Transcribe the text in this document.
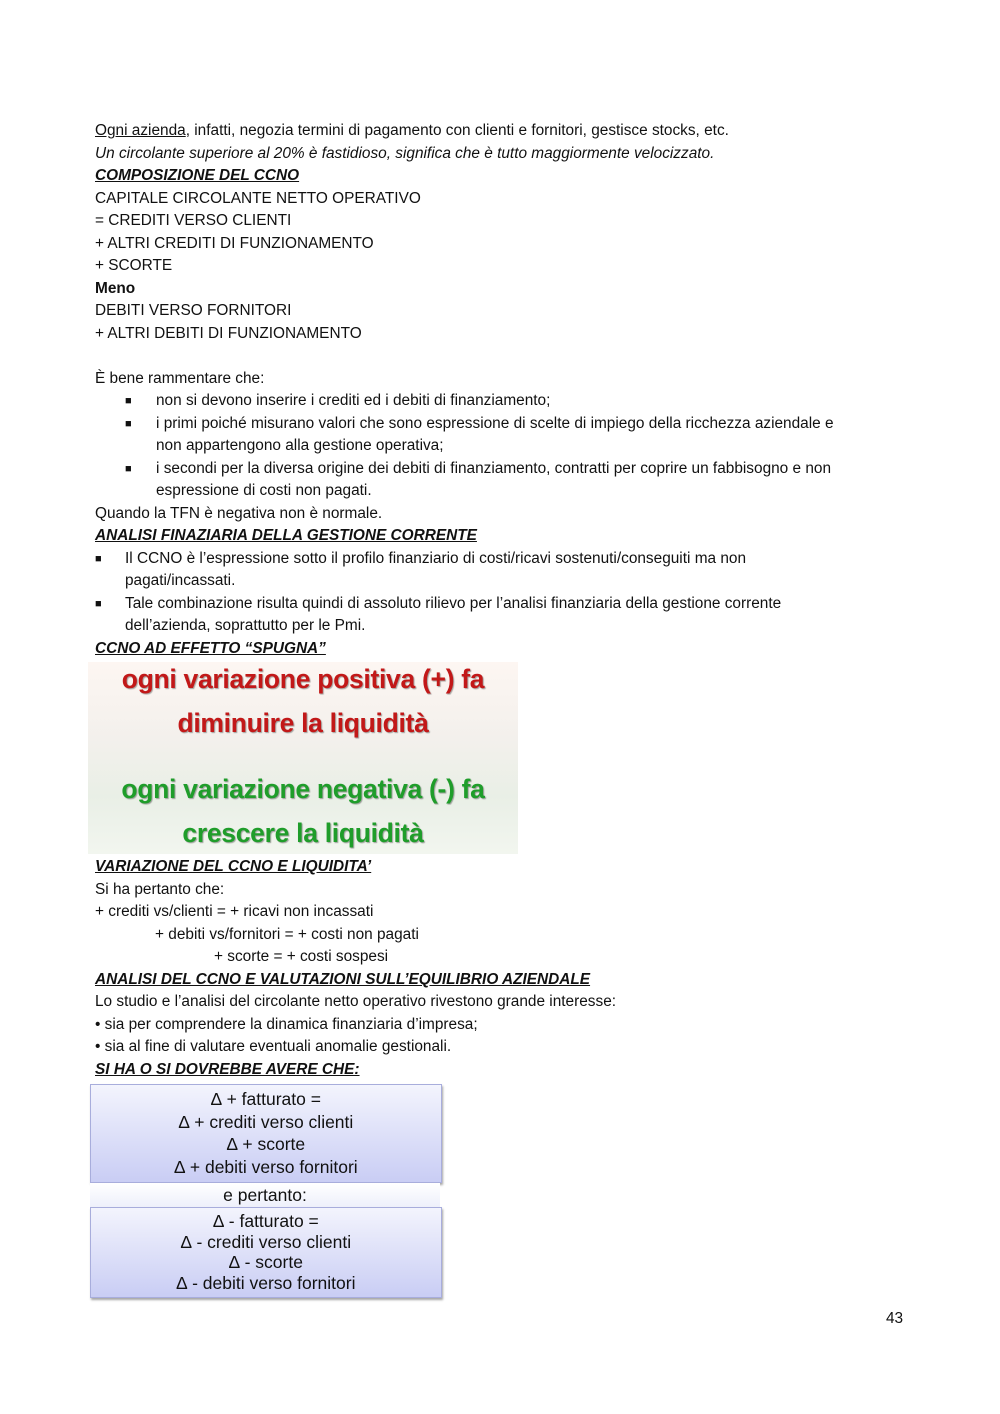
Ogni azienda, infatti, negozia termini di pagamento con clienti e fornitori, gestisce stocks, etc.
Un circolante superiore al 20% è fastidioso, significa che è tutto maggiormente velocizzato.
COMPOSIZIONE DEL CCNO
CAPITALE CIRCOLANTE NETTO OPERATIVO
= CREDITI VERSO CLIENTI
+ ALTRI CREDITI DI FUNZIONAMENTO
+ SCORTE
Meno
DEBITI VERSO FORNITORI
+ ALTRI DEBITI DI FUNZIONAMENTO
È bene rammentare che:
■ non si devono inserire i crediti ed i debiti di finanziamento;
■ i primi poiché misurano valori che sono espressione di scelte di impiego della ricchezza aziendale e
non appartengono alla gestione operativa;
■ i secondi per la diversa origine dei debiti di finanziamento, contratti per coprire un fabbisogno e non
espressione di costi non pagati.
Quando la TFN è negativa non è normale.
ANALISI FINAZIARIA DELLA GESTIONE CORRENTE
■ Il CCNO è l’espressione sotto il profilo finanziario di costi/ricavi sostenuti/conseguiti ma non
pagati/incassati.
■ Tale combinazione risulta quindi di assoluto rilievo per l’analisi finanziaria della gestione corrente
dell’azienda, soprattutto per le Pmi.
CCNO AD EFFETTO “SPUGNA”
ogni variazione positiva (+) fa
diminuire la liquidità
ogni variazione negativa (-) fa
crescere la liquidità
VARIAZIONE DEL CCNO E LIQUIDITA’
Si ha pertanto che:
+ crediti vs/clienti = + ricavi non incassati
+ debiti vs/fornitori = + costi non pagati
+ scorte = + costi sospesi
ANALISI DEL CCNO E VALUTAZIONI SULL’EQUILIBRIO AZIENDALE
Lo studio e l’analisi del circolante netto operativo rivestono grande interesse:
• sia per comprendere la dinamica finanziaria d’impresa;
• sia al fine di valutare eventuali anomalie gestionali.
SI HA O SI DOVREBBE AVERE CHE:
∆ + fatturato =
∆ + crediti verso clienti
∆ + scorte
∆ + debiti verso fornitori
e pertanto:
∆ - fatturato =
∆ - crediti verso clienti
∆ - scorte
∆ - debiti verso fornitori
43
